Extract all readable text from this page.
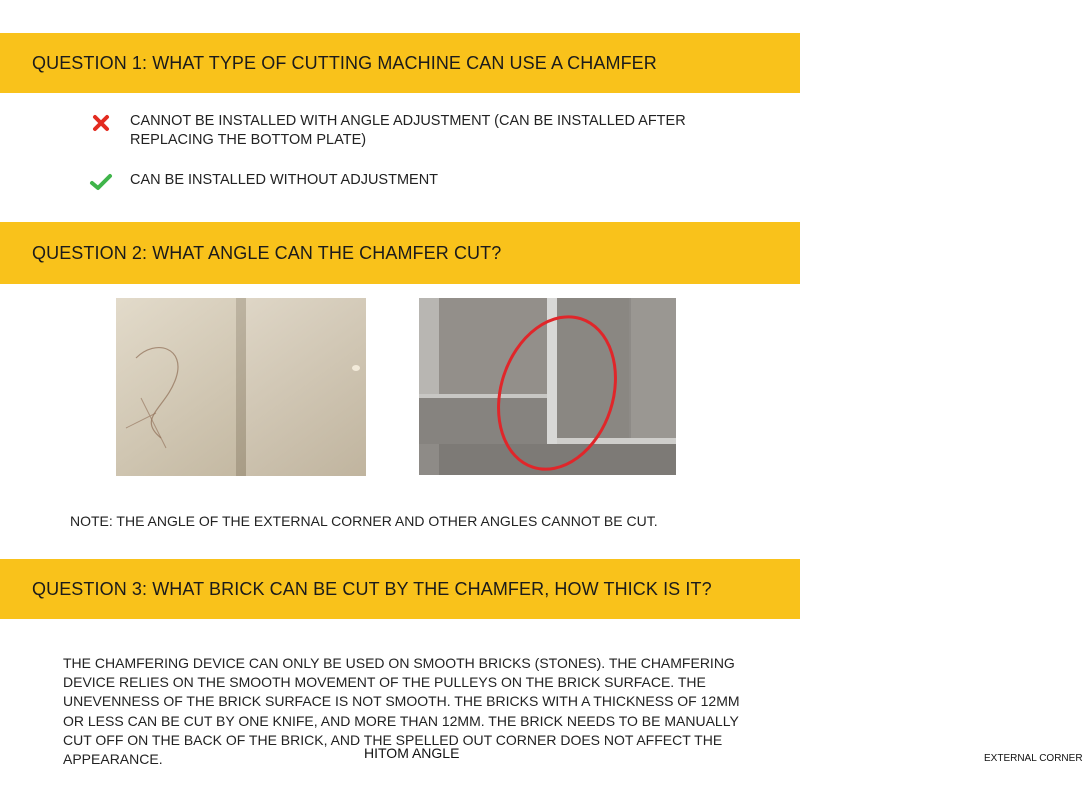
QUESTION 1: WHAT TYPE OF CUTTING MACHINE CAN USE A CHAMFER
CANNOT BE INSTALLED WITH ANGLE ADJUSTMENT (CAN BE INSTALLED AFTER REPLACING THE BOTTOM PLATE)
CAN BE INSTALLED WITHOUT ADJUSTMENT
QUESTION 2: WHAT ANGLE CAN THE CHAMFER CUT?
HITOM ANGLE	EXTERNAL CORNER
NOTE: THE ANGLE OF THE EXTERNAL CORNER AND OTHER ANGLES CANNOT BE CUT.
QUESTION 3: WHAT BRICK CAN BE CUT BY THE CHAMFER, HOW THICK IS IT?
THE CHAMFERING DEVICE CAN ONLY BE USED ON SMOOTH BRICKS (STONES). THE CHAMFERING DEVICE RELIES ON THE SMOOTH MOVEMENT OF THE PULLEYS ON THE BRICK SURFACE. THE UNEVENNESS OF THE BRICK SURFACE IS NOT SMOOTH. THE BRICKS WITH A THICKNESS OF 12MM OR LESS CAN BE CUT BY ONE KNIFE, AND MORE THAN 12MM. THE BRICK NEEDS TO BE MANUALLY CUT OFF ON THE BACK OF THE BRICK, AND THE SPELLED OUT CORNER DOES NOT AFFECT THE APPEARANCE.
